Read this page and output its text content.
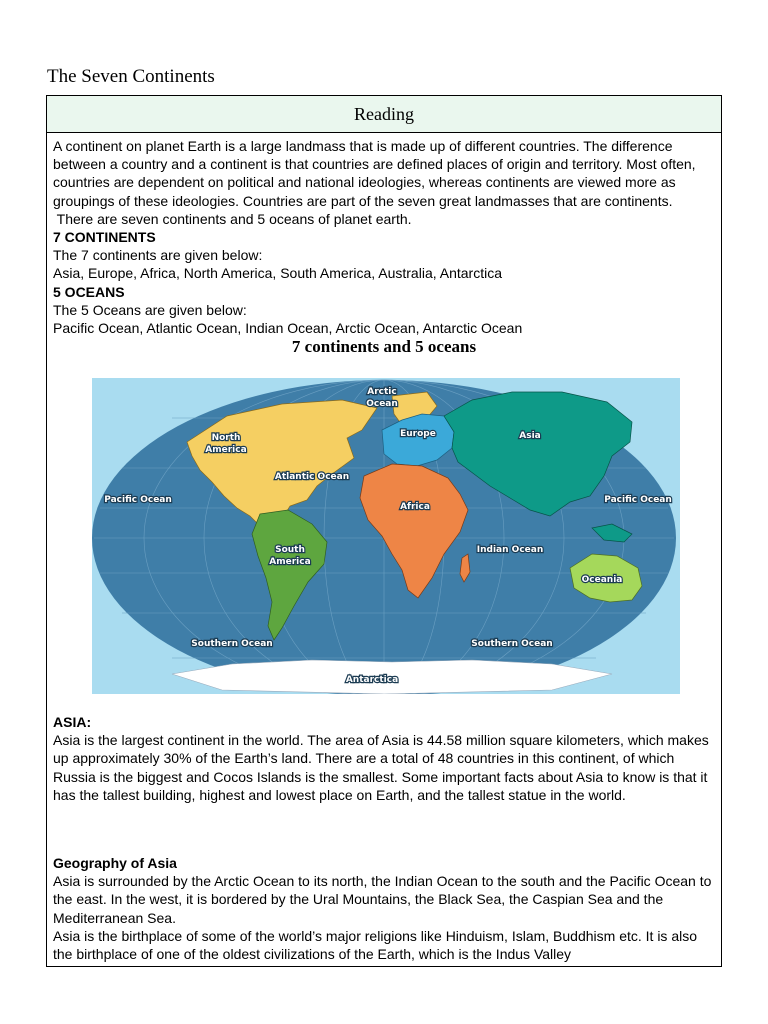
The Seven Continents
Reading

A continent on planet Earth is a large landmass that is made up of different countries. The difference between a country and a continent is that countries are defined places of origin and territory. Most often, countries are dependent on political and national ideologies, whereas continents are viewed more as groupings of these ideologies. Countries are part of the seven great landmasses that are continents.

There are seven continents and 5 oceans of planet earth.

7 CONTINENTS

The 7 continents are given below:

Asia, Europe, Africa, North America, South America, Australia, Antarctica

5 OCEANS

The 5 Oceans are given below:

Pacific Ocean, Atlantic Ocean, Indian Ocean, Arctic Ocean, Antarctic Ocean

7 continents and 5 oceans

Arctic
Ocean
North
America
Europe	Asia
Atlantic Ocean
Pacific Ocean	Pacific Ocean
Africa
South
America
Indian Ocean
Oceania
Southern Ocean	Southern Ocean
Antarctica

ASIA:

Asia is the largest continent in the world. The area of Asia is 44.58 million square kilometers, which makes up approximately 30% of the Earth’s land. There are a total of 48 countries in this continent, of which Russia is the biggest and Cocos Islands is the smallest. Some important facts about Asia to know is that it has the tallest building, highest and lowest place on Earth, and the tallest statue in the world.

Geography of Asia

Asia is surrounded by the Arctic Ocean to its north, the Indian Ocean to the south and the Pacific Ocean to the east. In the west, it is bordered by the Ural Mountains, the Black Sea, the Caspian Sea and the Mediterranean Sea.

Asia is the birthplace of some of the world’s major religions like Hinduism, Islam, Buddhism etc. It is also the birthplace of one of the oldest civilizations of the Earth, which is the Indus Valley
